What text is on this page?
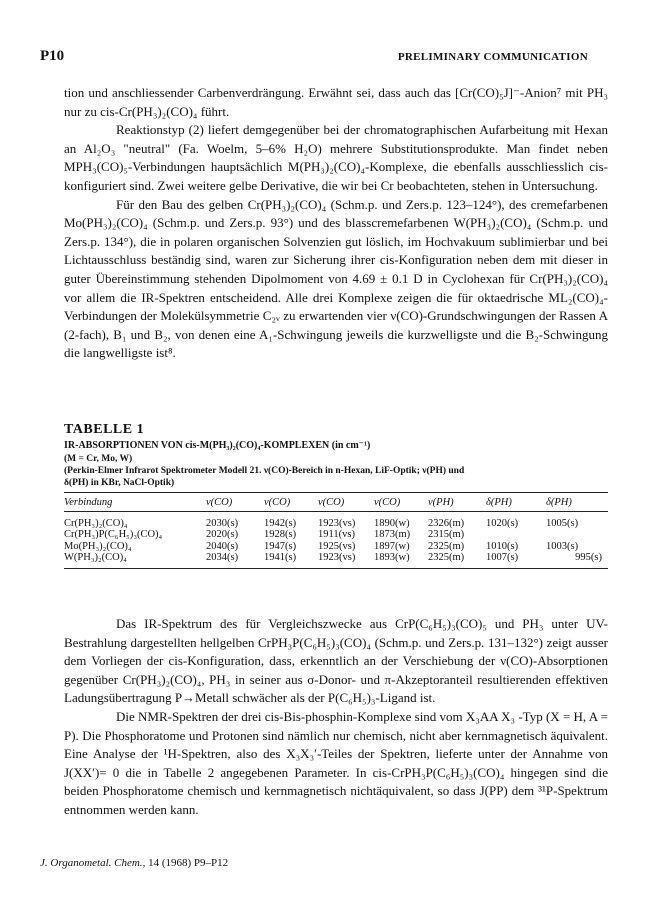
P10	PRELIMINARY COMMUNICATION

tion und anschliessender Carbenverdrängung. Erwähnt sei, dass auch das [Cr(CO)₅J]⁻-Anion⁷ mit PH₃ nur zu cis-Cr(PH₃)₂(CO)₄ führt.

Reaktionstyp (2) liefert demgegenüber bei der chromatographischen Aufarbeitung mit Hexan an Al₂O₃ "neutral" (Fa. Woelm, 5–6% H₂O) mehrere Substitutionsprodukte. Man findet neben MPH₃(CO)₅-Verbindungen hauptsächlich M(PH₃)₂(CO)₄-Komplexe, die ebenfalls ausschliesslich cis-konfiguriert sind. Zwei weitere gelbe Derivative, die wir bei Cr beobachteten, stehen in Untersuchung.

Für den Bau des gelben Cr(PH₃)₂(CO)₄ (Schm.p. und Zers.p. 123–124°), des cremefarbenen Mo(PH₃)₂(CO)₄ (Schm.p. und Zers.p. 93°) und des blasscremefarbenen W(PH₃)₂(CO)₄ (Schm.p. und Zers.p. 134°), die in polaren organischen Solvenzien gut löslich, im Hochvakuum sublimierbar und bei Lichtausschluss beständig sind, waren zur Sicherung ihrer cis-Konfiguration neben dem mit dieser in guter Übereinstimmung stehenden Dipolmoment von 4.69 ± 0.1 D in Cyclohexan für Cr(PH₃)₂(CO)₄ vor allem die IR-Spektren entscheidend. Alle drei Komplexe zeigen die für oktaedrische ML₂(CO)₄-Verbindungen der Molekülsymmetrie C₂ᵥ zu erwartenden vier ν(CO)-Grundschwingungen der Rassen A (2-fach), B₁ und B₂, von denen eine A₁-Schwingung jeweils die kurzwelligste und die B₂-Schwingung die langwelligste ist⁸.

TABELLE 1
IR-ABSORPTIONEN VON cis-M(PH₃)₂(CO)₄-KOMPLEXEN (in cm⁻¹)
(M = Cr, Mo, W)
(Perkin-Elmer Infrarot Spektrometer Modell 21. ν(CO)-Bereich in n-Hexan, LiF-Optik; ν(PH) und
δ(PH) in KBr, NaCl-Optik)
Verbindung	ν(CO)	ν(CO)	ν(CO)	ν(CO)	ν(PH)	δ(PH)	δ(PH)
Cr(PH₃)₂(CO)₄	2030(s)	1942(s)	1923(vs)	1890(w)	2326(m)	1020(s)	1005(s)
Cr(PH₃)P(C₆H₅)₃(CO)₄	2020(s)	1928(s)	1911(vs)	1873(m)	2315(m)		
Mo(PH₃)₂(CO)₄	2040(s)	1947(s)	1925(vs)	1897(w)	2325(m)	1010(s)	1003(s)
W(PH₃)₂(CO)₄	2034(s)	1941(s)	1923(vs)	1893(w)	2325(m)	1007(s)	995(s)

Das IR-Spektrum des für Vergleichszwecke aus CrP(C₆H₅)₃(CO)₅ und PH₃ unter UV-Bestrahlung dargestellten hellgelben CrPH₃P(C₆H₅)₃(CO)₄ (Schm.p. und Zers.p. 131–132°) zeigt ausser dem Vorliegen der cis-Konfiguration, dass, erkenntlich an der Verschiebung der ν(CO)-Absorptionen gegenüber Cr(PH₃)₂(CO)₄, PH₃ in seiner aus σ-Donor- und π-Akzeptoranteil resultierenden effektiven Ladungsübertragung P→Metall schwächer als der P(C₆H₅)₃-Ligand ist.

Die NMR-Spektren der drei cis-Bis-phosphin-Komplexe sind vom X₃AA X₃ -Typ (X = H, A = P). Die Phosphoratome und Protonen sind nämlich nur chemisch, nicht aber kernmagnetisch äquivalent. Eine Analyse der ¹H-Spektren, also des X₃X₃′-Teiles der Spektren, lieferte unter der Annahme von J(XX′)= 0 die in Tabelle 2 angegebenen Parameter. In cis-CrPH₃P(C₆H₅)₃(CO)₄ hingegen sind die beiden Phosphoratome chemisch und kernmagnetisch nichtäquivalent, so dass J(PP) dem ³¹P-Spektrum entnommen werden kann.

J. Organometal. Chem., 14 (1968) P9–P12
